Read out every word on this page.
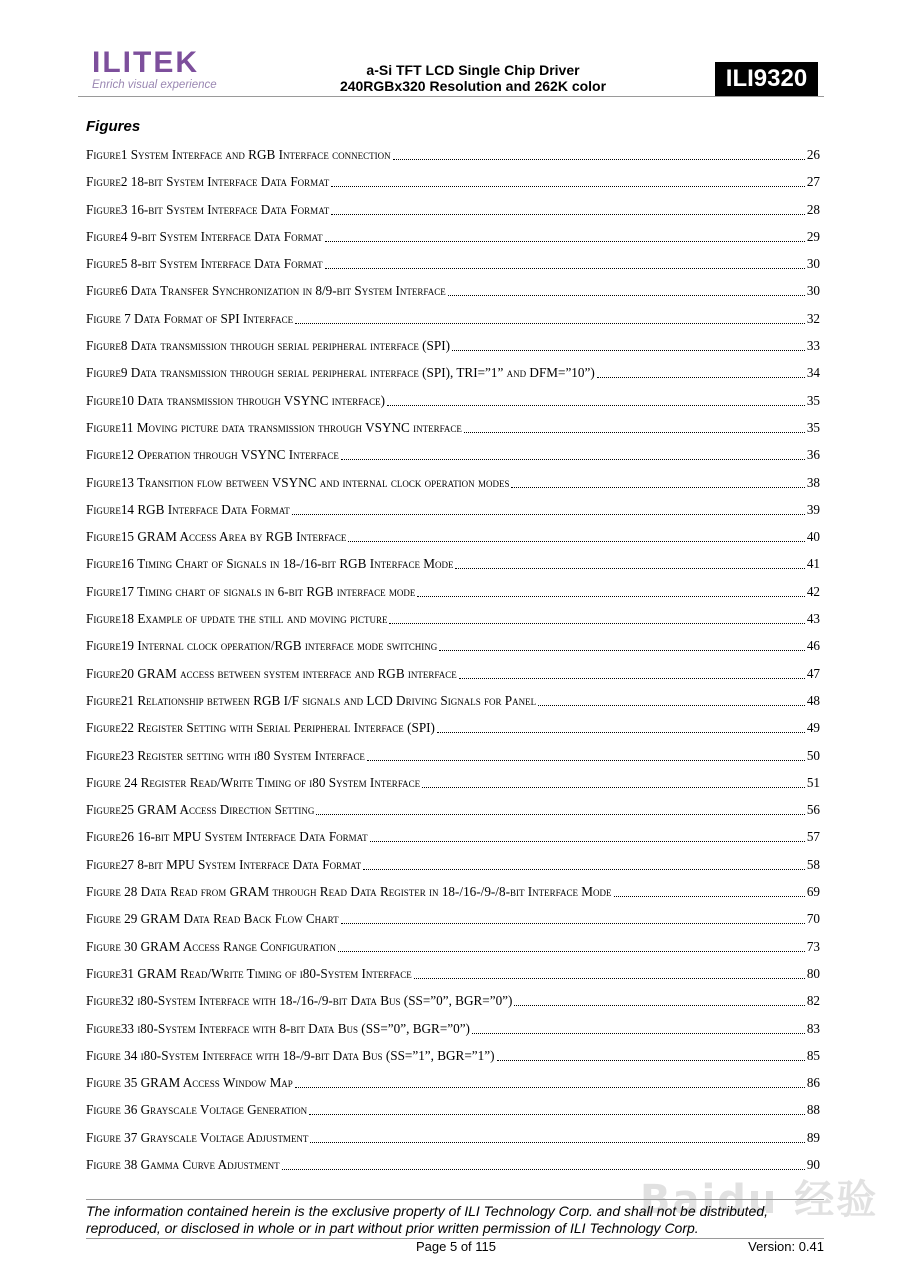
ILITEK
Enrich visual experience
a-Si TFT LCD Single Chip Driver
240RGBx320 Resolution and 262K color	ILI9320
Figures
Figure1 System Interface and RGB Interface connection	26
Figure2 18-bit System Interface Data Format	27
Figure3 16-bit System Interface Data Format	28
Figure4 9-bit System Interface Data Format	29
Figure5 8-bit System Interface Data Format	30
Figure6 Data Transfer Synchronization in 8/9-bit System Interface	30
Figure 7 Data Format of SPI Interface	32
Figure8 Data transmission through serial peripheral interface (SPI)	33
Figure9 Data transmission through serial peripheral interface (SPI), TRI=”1” and DFM=”10”)	34
Figure10 Data transmission through VSYNC interface)	35
Figure11 Moving picture data transmission through VSYNC interface	35
Figure12 Operation through VSYNC Interface	36
Figure13 Transition flow between VSYNC and internal clock operation modes	38
Figure14 RGB Interface Data Format	39
Figure15 GRAM Access Area by RGB Interface	40
Figure16 Timing Chart of Signals in 18-/16-bit RGB Interface Mode	41
Figure17 Timing chart of signals in 6-bit RGB interface mode	42
Figure18 Example of update the still and moving picture	43
Figure19 Internal clock operation/RGB interface mode switching	46
Figure20 GRAM access between system interface and RGB interface	47
Figure21 Relationship between RGB I/F signals and LCD Driving Signals for Panel	48
Figure22 Register Setting with Serial Peripheral Interface (SPI)	49
Figure23 Register setting with i80 System Interface	50
Figure 24 Register Read/Write Timing of i80 System Interface	51
Figure25 GRAM Access Direction Setting	56
Figure26 16-bit MPU System Interface Data Format	57
Figure27 8-bit MPU System Interface Data Format	58
Figure 28 Data Read from GRAM through Read Data Register in 18-/16-/9-/8-bit Interface Mode	69
Figure 29 GRAM Data Read Back Flow Chart	70
Figure 30 GRAM Access Range Configuration	73
Figure31 GRAM Read/Write Timing of i80-System Interface	80
Figure32 i80-System Interface with 18-/16-/9-bit Data Bus (SS=”0”, BGR=”0”)	82
Figure33 i80-System Interface with 8-bit Data Bus (SS=”0”, BGR=”0”)	83
Figure 34 i80-System Interface with 18-/9-bit Data Bus (SS=”1”, BGR=”1”)	85
Figure 35 GRAM Access Window Map	86
Figure 36 Grayscale Voltage Generation	88
Figure 37 Grayscale Voltage Adjustment	89
Figure 38 Gamma Curve Adjustment	90
Baidu 经验
The information contained herein is the exclusive property of ILI Technology Corp. and shall not be distributed,
reproduced, or disclosed in whole or in part without prior written permission of ILI Technology Corp.
Page 5 of 115	Version: 0.41
